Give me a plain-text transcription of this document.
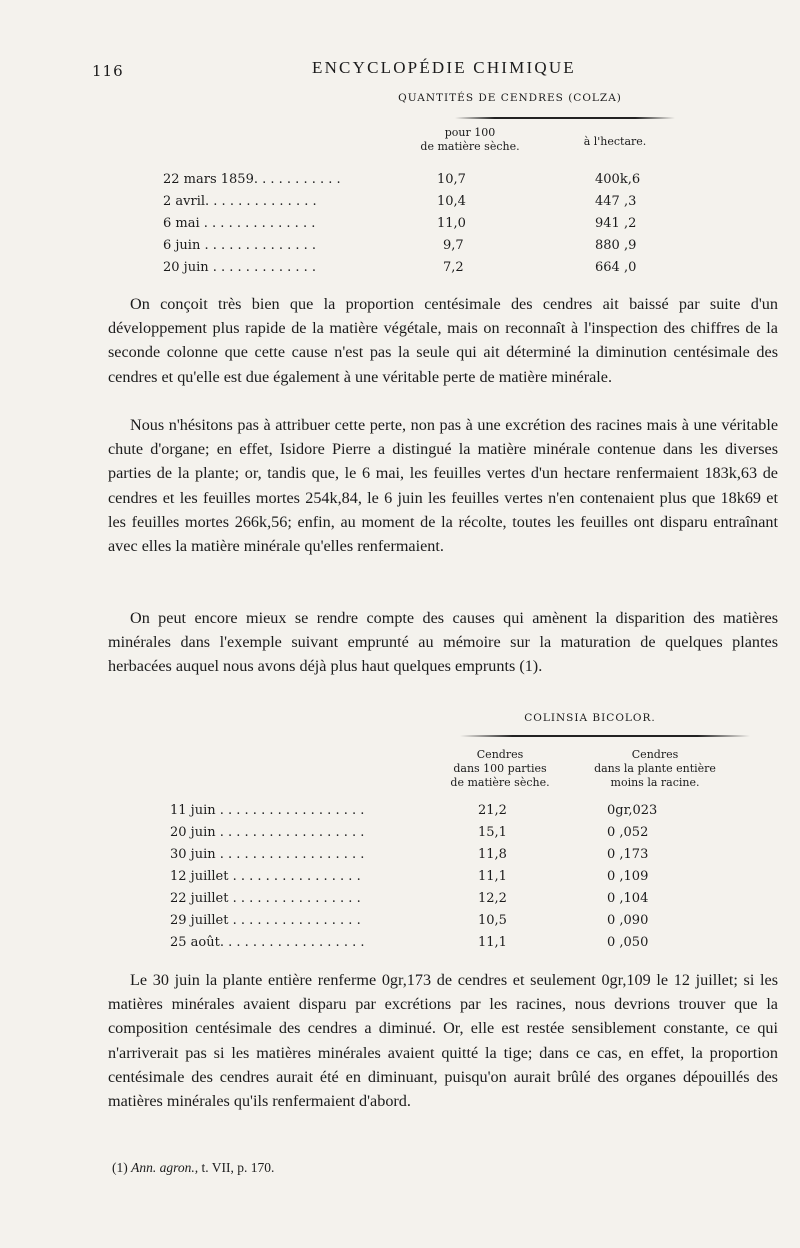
116	ENCYCLOPÉDIE CHIMIQUE
QUANTITÉS DE CENDRES (COLZA)
pour 100
de matière sèche.	à l'hectare.
22 mars 1859. . . . . . . . . . .	10,7	400k,6
2 avril. . . . . . . . . . . . . .	10,4	447 ,3
6 mai . . . . . . . . . . . . . .	11,0	941 ,2
6 juin . . . . . . . . . . . . . .	9,7	880 ,9
20 juin . . . . . . . . . . . . .	7,2	664 ,0

On conçoit très bien que la proportion centésimale des cendres ait baissé par suite d'un développement plus rapide de la matière végétale, mais on reconnaît à l'inspection des chiffres de la seconde colonne que cette cause n'est pas la seule qui ait déterminé la diminution centésimale des cendres et qu'elle est due également à une véritable perte de matière minérale.

Nous n'hésitons pas à attribuer cette perte, non pas à une excrétion des racines mais à une véritable chute d'organe; en effet, Isidore Pierre a distingué la matière minérale contenue dans les diverses parties de la plante; or, tandis que, le 6 mai, les feuilles vertes d'un hectare renfermaient 183k,63 de cendres et les feuilles mortes 254k,84, le 6 juin les feuilles vertes n'en contenaient plus que 18k69 et les feuilles mortes 266k,56; enfin, au moment de la récolte, toutes les feuilles ont disparu entraînant avec elles la matière minérale qu'elles renfermaient.

On peut encore mieux se rendre compte des causes qui amènent la disparition des matières minérales dans l'exemple suivant emprunté au mémoire sur la maturation de quelques plantes herbacées auquel nous avons déjà plus haut quelques emprunts (1).

COLINSIA BICOLOR.
Cendres
dans 100 parties
de matière sèche.
Cendres
dans la plante entière
moins la racine.
11 juin . . . . . . . . . . . . . . . . . .	21,2	0gr,023
20 juin . . . . . . . . . . . . . . . . . .	15,1	0 ,052
30 juin . . . . . . . . . . . . . . . . . .	11,8	0 ,173
12 juillet . . . . . . . . . . . . . . . .	11,1	0 ,109
22 juillet . . . . . . . . . . . . . . . .	12,2	0 ,104
29 juillet . . . . . . . . . . . . . . . .	10,5	0 ,090
25 août. . . . . . . . . . . . . . . . . .	11,1	0 ,050

Le 30 juin la plante entière renferme 0gr,173 de cendres et seulement 0gr,109 le 12 juillet; si les matières minérales avaient disparu par excrétions par les racines, nous devrions trouver que la composition centésimale des cendres a diminué. Or, elle est restée sensiblement constante, ce qui n'arriverait pas si les matières minérales avaient quitté la tige; dans ce cas, en effet, la proportion centésimale des cendres aurait été en diminuant, puisqu'on aurait brûlé des organes dépouillés des matières minérales qu'ils renfermaient d'abord.

(1) Ann. agron., t. VII, p. 170.
